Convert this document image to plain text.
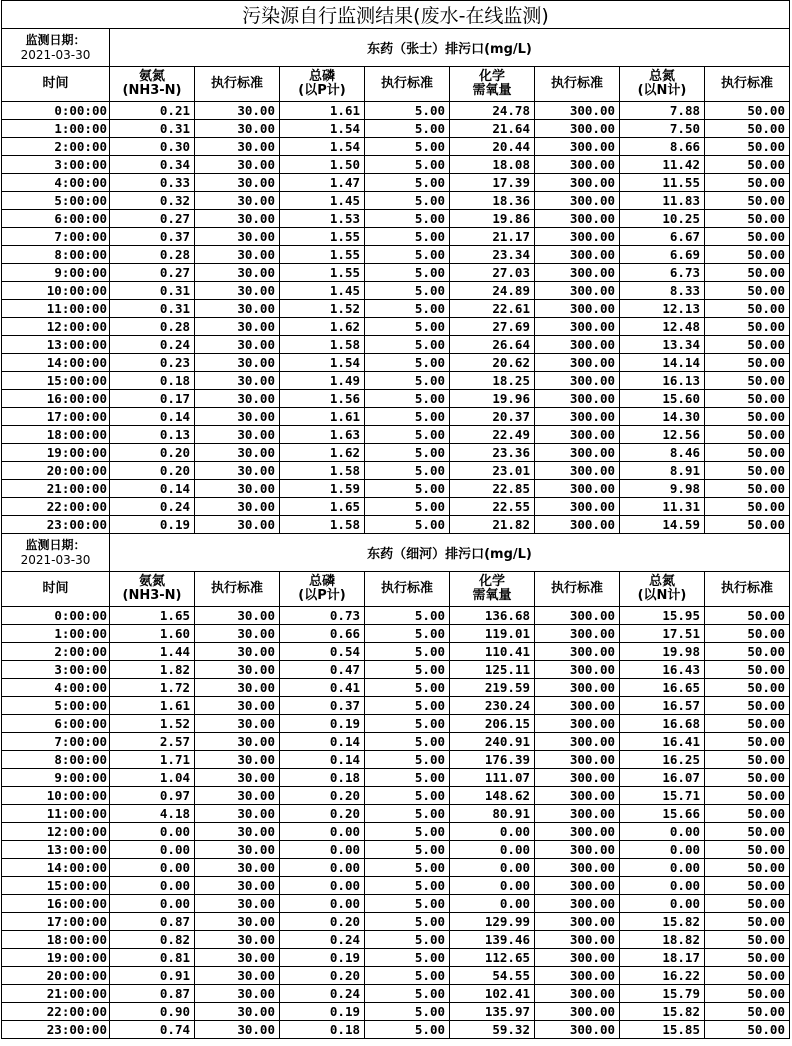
污染源自行监测结果(废水-在线监测)								

监测日期：
2021-03-30	东药（张士）排污口(mg/L)							

时间	氨氮
(NH3-N)	执行标准	总磷
(以P计)	执行标准	化学
需氧量	执行标准	总氮
(以N计)	执行标准

0:00:00	0.21	30.00	1.61	5.00	24.78	300.00	7.88	50.00
1:00:00	0.31	30.00	1.54	5.00	21.64	300.00	7.50	50.00
2:00:00	0.30	30.00	1.54	5.00	20.44	300.00	8.66	50.00
3:00:00	0.34	30.00	1.50	5.00	18.08	300.00	11.42	50.00
4:00:00	0.33	30.00	1.47	5.00	17.39	300.00	11.55	50.00
5:00:00	0.32	30.00	1.45	5.00	18.36	300.00	11.83	50.00
6:00:00	0.27	30.00	1.53	5.00	19.86	300.00	10.25	50.00
7:00:00	0.37	30.00	1.55	5.00	21.17	300.00	6.67	50.00
8:00:00	0.28	30.00	1.55	5.00	23.34	300.00	6.69	50.00
9:00:00	0.27	30.00	1.55	5.00	27.03	300.00	6.73	50.00
10:00:00	0.31	30.00	1.45	5.00	24.89	300.00	8.33	50.00
11:00:00	0.31	30.00	1.52	5.00	22.61	300.00	12.13	50.00
12:00:00	0.28	30.00	1.62	5.00	27.69	300.00	12.48	50.00
13:00:00	0.24	30.00	1.58	5.00	26.64	300.00	13.34	50.00
14:00:00	0.23	30.00	1.54	5.00	20.62	300.00	14.14	50.00
15:00:00	0.18	30.00	1.49	5.00	18.25	300.00	16.13	50.00
16:00:00	0.17	30.00	1.56	5.00	19.96	300.00	15.60	50.00
17:00:00	0.14	30.00	1.61	5.00	20.37	300.00	14.30	50.00
18:00:00	0.13	30.00	1.63	5.00	22.49	300.00	12.56	50.00
19:00:00	0.20	30.00	1.62	5.00	23.36	300.00	8.46	50.00
20:00:00	0.20	30.00	1.58	5.00	23.01	300.00	8.91	50.00
21:00:00	0.14	30.00	1.59	5.00	22.85	300.00	9.98	50.00
22:00:00	0.24	30.00	1.65	5.00	22.55	300.00	11.31	50.00
23:00:00	0.19	30.00	1.58	5.00	21.82	300.00	14.59	50.00

监测日期：
2021-03-30	东药（细河）排污口(mg/L)							

时间	氨氮
(NH3-N)	执行标准	总磷
(以P计)	执行标准	化学
需氧量	执行标准	总氮
(以N计)	执行标准

0:00:00	1.65	30.00	0.73	5.00	136.68	300.00	15.95	50.00
1:00:00	1.60	30.00	0.66	5.00	119.01	300.00	17.51	50.00
2:00:00	1.44	30.00	0.54	5.00	110.41	300.00	19.98	50.00
3:00:00	1.82	30.00	0.47	5.00	125.11	300.00	16.43	50.00
4:00:00	1.72	30.00	0.41	5.00	219.59	300.00	16.65	50.00
5:00:00	1.61	30.00	0.37	5.00	230.24	300.00	16.57	50.00
6:00:00	1.52	30.00	0.19	5.00	206.15	300.00	16.68	50.00
7:00:00	2.57	30.00	0.14	5.00	240.91	300.00	16.41	50.00
8:00:00	1.71	30.00	0.14	5.00	176.39	300.00	16.25	50.00
9:00:00	1.04	30.00	0.18	5.00	111.07	300.00	16.07	50.00
10:00:00	0.97	30.00	0.20	5.00	148.62	300.00	15.71	50.00
11:00:00	4.18	30.00	0.20	5.00	80.91	300.00	15.66	50.00
12:00:00	0.00	30.00	0.00	5.00	0.00	300.00	0.00	50.00
13:00:00	0.00	30.00	0.00	5.00	0.00	300.00	0.00	50.00
14:00:00	0.00	30.00	0.00	5.00	0.00	300.00	0.00	50.00
15:00:00	0.00	30.00	0.00	5.00	0.00	300.00	0.00	50.00
16:00:00	0.00	30.00	0.00	5.00	0.00	300.00	0.00	50.00
17:00:00	0.87	30.00	0.20	5.00	129.99	300.00	15.82	50.00
18:00:00	0.82	30.00	0.24	5.00	139.46	300.00	18.82	50.00
19:00:00	0.81	30.00	0.19	5.00	112.65	300.00	18.17	50.00
20:00:00	0.91	30.00	0.20	5.00	54.55	300.00	16.22	50.00
21:00:00	0.87	30.00	0.24	5.00	102.41	300.00	15.79	50.00
22:00:00	0.90	30.00	0.19	5.00	135.97	300.00	15.82	50.00
23:00:00	0.74	30.00	0.18	5.00	59.32	300.00	15.85	50.00
